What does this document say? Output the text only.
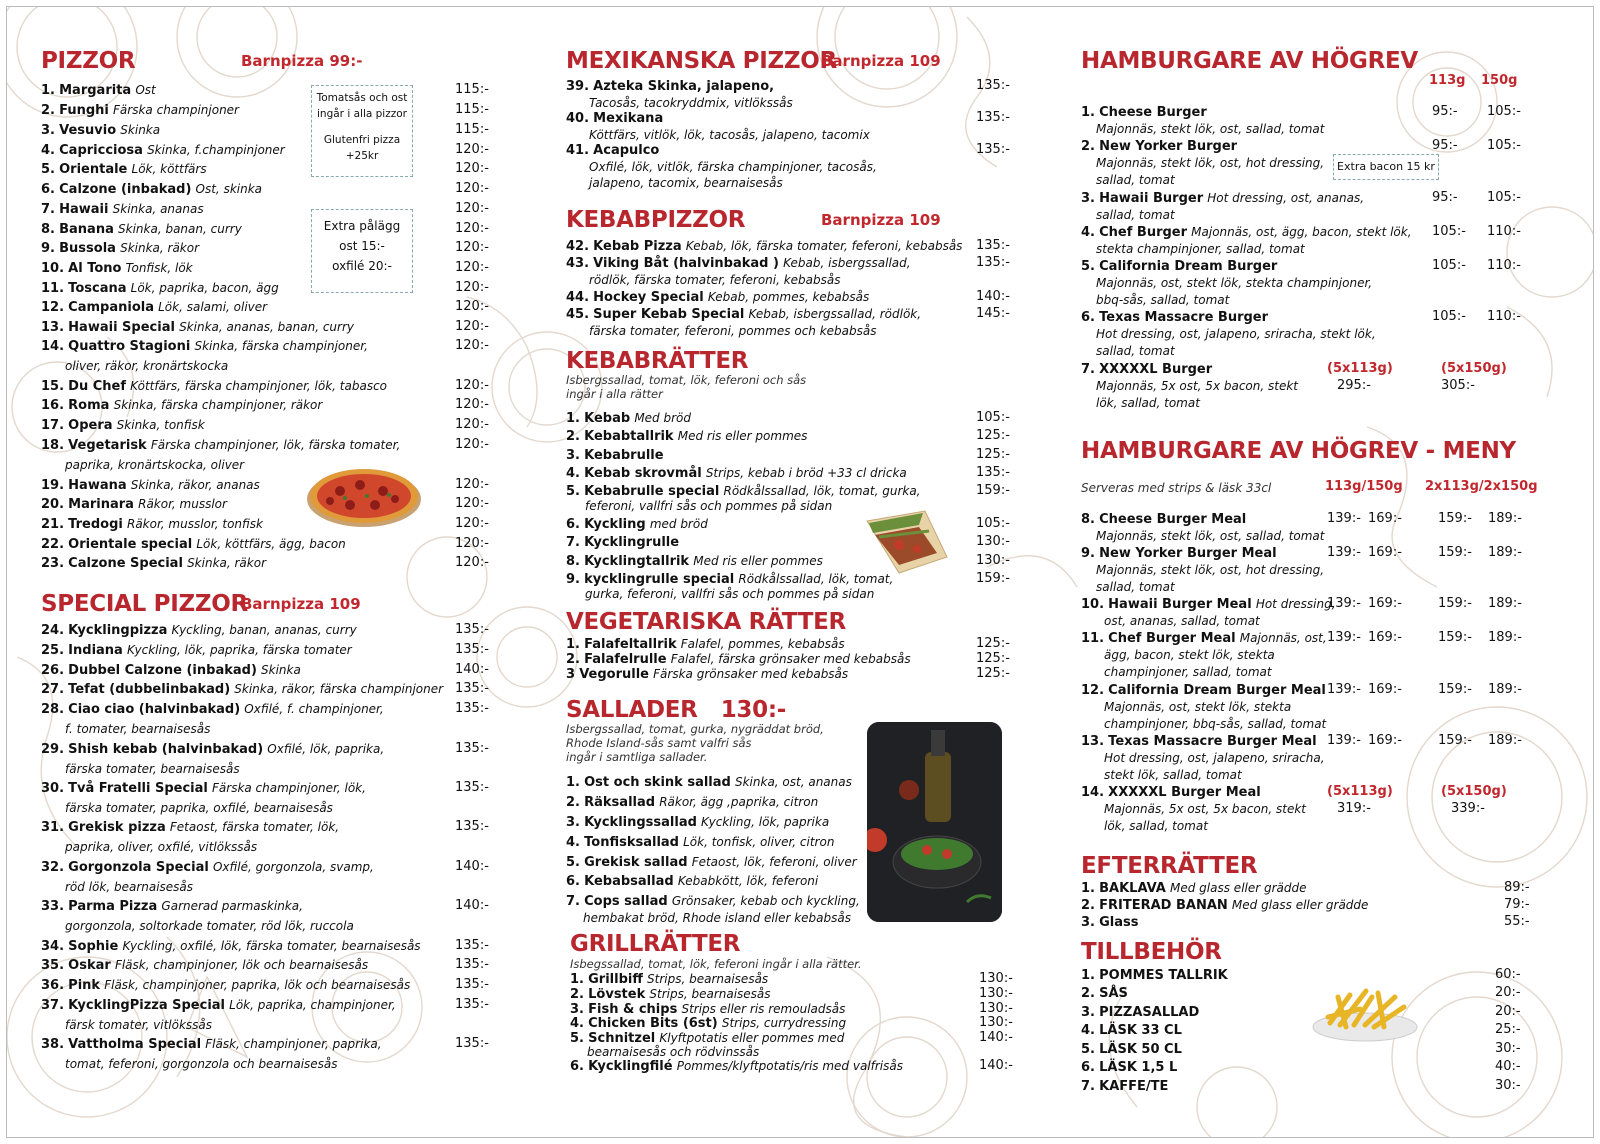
PIZZOR	Barnpizza 99:-
1. Margarita Ost	115:-
2. Funghi Färska champinjoner	115:-
3. Vesuvio Skinka	115:-
4. Capricciosa Skinka, f.champinjoner	120:-
5. Orientale Lök, köttfärs	120:-
6. Calzone (inbakad) Ost, skinka	120:-
7. Hawaii Skinka, ananas	120:-
8. Banana Skinka, banan, curry	120:-
9. Bussola Skinka, räkor	120:-
10. Al Tono Tonfisk, lök	120:-
11. Toscana Lök, paprika, bacon, ägg	120:-
12. Campaniola Lök, salami, oliver	120:-
13. Hawaii Special Skinka, ananas, banan, curry	120:-
14. Quattro Stagioni Skinka, färska champinjoner,
oliver, räkor, kronärtskocka
120:-
15. Du Chef Köttfärs, färska champinjoner, lök, tabasco	120:-
16. Roma Skinka, färska champinjoner, räkor	120:-
17. Opera Skinka, tonfisk	120:-
18. Vegetarisk Färska champinjoner, lök, färska tomater,
paprika, kronärtskocka, oliver
120:-
19. Hawana Skinka, räkor, ananas	120:-
20. Marinara Räkor, musslor	120:-
21. Tredogi Räkor, musslor, tonfisk	120:-
22. Orientale special Lök, köttfärs, ägg, bacon	120:-
23. Calzone Special Skinka, räkor	120:-
Tomatsås och ost
ingår i alla pizzor
Glutenfri pizza +25kr
Extra pålägg
ost 15:-
oxfilé 20:-
SPECIAL PIZZOR
Barnpizza 109
24. Kycklingpizza Kyckling, banan, ananas, curry	135:-
25. Indiana Kyckling, lök, paprika, färska tomater	135:-
26. Dubbel Calzone (inbakad) Skinka	140:-
27. Tefat (dubbelinbakad) Skinka, räkor, färska champinjoner 135:-
28. Ciao ciao (halvinbakad) Oxfilé, f. champinjoner,
f. tomater, bearnaisesås
135:-
29. Shish kebab (halvinbakad) Oxfilé, lök, paprika,
färska tomater, bearnaisesås
135:-
30. Två Fratelli Special Färska champinjoner, lök,
färska tomater, paprika, oxfilé, bearnaisesås
135:-
31. Grekisk pizza Fetaost, färska tomater, lök,
paprika, oliver, oxfilé, vitlökssås
135:-
32. Gorgonzola Special Oxfilé, gorgonzola, svamp,
röd lök, bearnaisesås
140:-
33. Parma Pizza Garnerad parmaskinka,
gorgonzola, soltorkade tomater, röd lök, ruccola
140:-
34. Sophie Kyckling, oxfilé, lök, färska tomater, bearnaisesås	135:-
35. Oskar Fläsk, champinjoner, lök och bearnaisesås	135:-
36. Pink Fläsk, champinjoner, paprika, lök och bearnaisesås	135:-
37. KycklingPizza Special Lök, paprika, champinjoner,
färsk tomater, vitlökssås
135:-
38. Vattholma Special Fläsk, champinjoner, paprika,
tomat, feferoni, gorgonzola och bearnaisesås
135:-
MEXIKANSKA PIZZOR
Barnpizza 109
39. Azteka Skinka, jalapeno,
Tacosås, tacokryddmix, vitlökssås
135:-
40. Mexikana
Köttfärs, vitlök, lök, tacosås, jalapeno, tacomix
135:-
41. Acapulco
Oxfilé, lök, vitlök, färska champinjoner, tacosås,
jalapeno, tacomix, bearnaisesås
135:-
KEBABPIZZOR	Barnpizza 109
42. Kebab Pizza Kebab, lök, färska tomater, feferoni, kebabsås 135:-
43. Viking Båt (halvinbakad ) Kebab, isbergssallad,
rödlök, färska tomater, feferoni, kebabsås
135:-
44. Hockey Special Kebab, pommes, kebabsås	140:-
45. Super Kebab Special Kebab, isbergssallad, rödlök,
färska tomater, feferoni, pommes och kebabsås
145:-
KEBABRÄTTER
Isbergssallad, tomat, lök, feferoni och sås
ingår i alla rätter
1. Kebab Med bröd	105:-
2. Kebabtallrik Med ris eller pommes	125:-
3. Kebabrulle	125:-
4. Kebab skrovmål Strips, kebab i bröd +33 cl dricka	135:-
5. Kebabrulle special Rödkålssallad, lök, tomat, gurka,
feferoni, vallfri sås och pommes på sidan
159:-
6. Kyckling med bröd	105:-
7. Kycklingrulle	130:-
8. Kycklingtallrik Med ris eller pommes	130:-
9. kycklingrulle special Rödkålssallad, lök, tomat,
gurka, feferoni, vallfri sås och pommes på sidan
159:-
VEGETARISKA RÄTTER
1. Falafeltallrik Falafel, pommes, kebabsås	125:-
2. Falafelrulle Falafel, färska grönsaker med kebabsås	125:-
3 Vegorulle Färska grönsaker med kebabsås	125:-
SALLADER 130:-
Isbergssallad, tomat, gurka, nygräddat bröd,
Rhode Island-sås samt valfri sås
ingår i samtliga sallader.
1. Ost och skink sallad Skinka, ost, ananas
2. Räksallad Räkor, ägg ,paprika, citron
3. Kycklingssallad Kyckling, lök, paprika
4. Tonfisksallad Lök, tonfisk, oliver, citron
5. Grekisk sallad Fetaost, lök, feferoni, oliver
6. Kebabsallad Kebabkött, lök, feferoni
7. Cops sallad Grönsaker, kebab och kyckling,
hembakat bröd, Rhode island eller kebabsås
GRILLRÄTTER
Isbegssallad, tomat, lök, feferoni ingår i alla rätter.
1. Grillbiff Strips, bearnaisesås	130:-
2. Lövstek Strips, bearnaisesås	130:-
3. Fish & chips Strips eller ris remouladsås	130:-
4. Chicken Bits (6st) Strips, currydressing	130:-
5. Schnitzel Klyftpotatis eller pommes med
bearnaisesås och rödvinssås
140:-
6. Kycklingfilé Pommes/klyftpotatis/ris med valfrisås	140:-
HAMBURGARE AV HÖGREV
113g 150g
Extra bacon 15 kr
1. Cheese Burger
Majonnäs, stekt lök, ost, sallad, tomat
95:- 105:-
2. New Yorker Burger
Majonnäs, stekt lök, ost, hot dressing,
sallad, tomat
95:- 105:-
3. Hawaii Burger Hot dressing, ost, ananas,
sallad, tomat
95:- 105:-
4. Chef Burger Majonnäs, ost, ägg, bacon, stekt lök,
stekta champinjoner, sallad, tomat
105:- 110:-
5. California Dream Burger
Majonnäs, ost, stekt lök, stekta champinjoner,
bbq-sås, sallad, tomat
105:- 110:-
6. Texas Massacre Burger
Hot dressing, ost, jalapeno, sriracha, stekt lök,
sallad, tomat
105:- 110:-
7. XXXXXL Burger
Majonnäs, 5x ost, 5x bacon, stekt
lök, sallad, tomat
(5x113g)	(5x150g)
295:-	305:-
HAMBURGARE AV HÖGREV - MENY
Serveras med strips & läsk 33cl	113g/150g 2x113g/2x150g
8. Cheese Burger Meal
Majonnäs, stekt lök, ost, sallad, tomat
139:- 169:-	159:- 189:-
9. New Yorker Burger Meal
Majonnäs, stekt lök, ost, hot dressing,
sallad, tomat
139:- 169:-	159:- 189:-
10. Hawaii Burger Meal Hot dressing,
ost, ananas, sallad, tomat
139:- 169:-	159:- 189:-
11. Chef Burger Meal Majonnäs, ost,
ägg, bacon, stekt lök, stekta
champinjoner, sallad, tomat
139:- 169:-	159:- 189:-
12. California Dream Burger Meal
Majonnäs, ost, stekt lök, stekta
champinjoner, bbq-sås, sallad, tomat
139:- 169:-	159:- 189:-
13. Texas Massacre Burger Meal
Hot dressing, ost, jalapeno, sriracha,
stekt lök, sallad, tomat
139:- 169:-	159:- 189:-
14. XXXXXL Burger Meal
Majonnäs, 5x ost, 5x bacon, stekt
lök, sallad, tomat
(5x113g)	(5x150g)
319:-	339:-
EFTERRÄTTER
1. BAKLAVA Med glass eller grädde	89:-
2. FRITERAD BANAN Med glass eller grädde	79:-
3. Glass	55:-
TILLBEHÖR
1. POMMES TALLRIK	60:-
2. SÅS	20:-
3. PIZZASALLAD	20:-
4. LÄSK 33 CL	25:-
5. LÄSK 50 CL	30:-
6. LÄSK 1,5 L	40:-
7. KAFFE/TE	30:-
